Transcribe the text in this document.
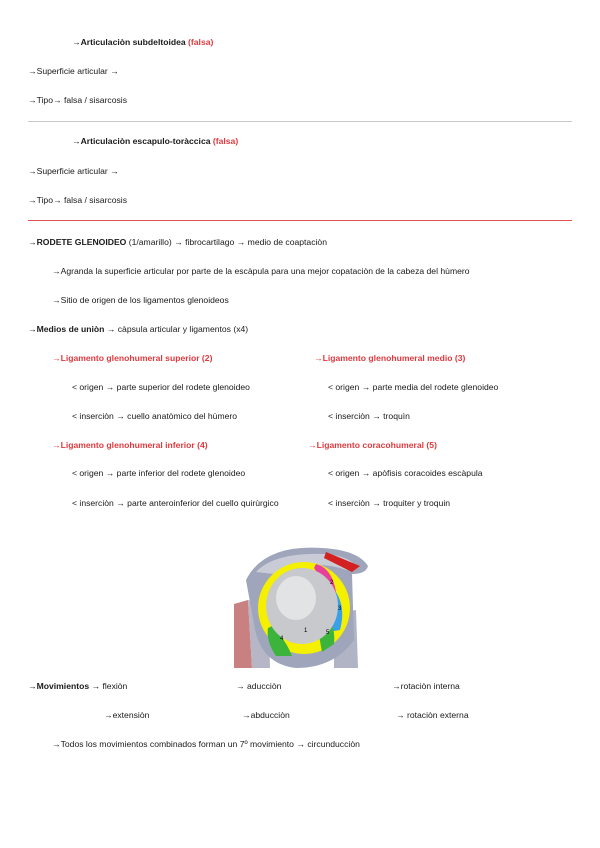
→Articulaciòn subdeltoidea (falsa)
→Superficie articular →
→Tipo→ falsa / sisarcosis
→Articulaciòn escapulo-toràccica (falsa)
→Superficie articular →
→Tipo→ falsa / sisarcosis
→RODETE GLENOIDEO (1/amarillo) → fibrocartilago → medio de coaptaciòn
→Agranda la superficie articular por parte de la escàpula para una mejor copataciòn de la cabeza del hùmero
→Sitio de origen de los ligamentos glenoideos
→Medios de uniòn → càpsula articular y ligamentos (x4)
→Ligamento glenohumeral superior (2)
< origen → parte superior del rodete glenoideo
< inserciòn → cuello anatòmico del hùmero
→Ligamento glenohumeral medio (3)
< origen → parte media del rodete glenoideo
< inserciòn → troquìn
→Ligamento glenohumeral inferior (4)
< origen → parte inferior del rodete glenoideo
< inserciòn → parte anteroinferior del cuello quirùrgico
→Ligamento coracohumeral (5)
< origen → apòfisis coracoides escàpula
< inserciòn → troquiter y troquin
1
2
3
4
5
→Movimientos → flexiòn	→ aducciòn	→rotaciòn interna
→extensiòn	→abducciòn	→ rotaciòn externa
→Todos los movimientos combinados forman un 7º movimiento → circunducciòn
